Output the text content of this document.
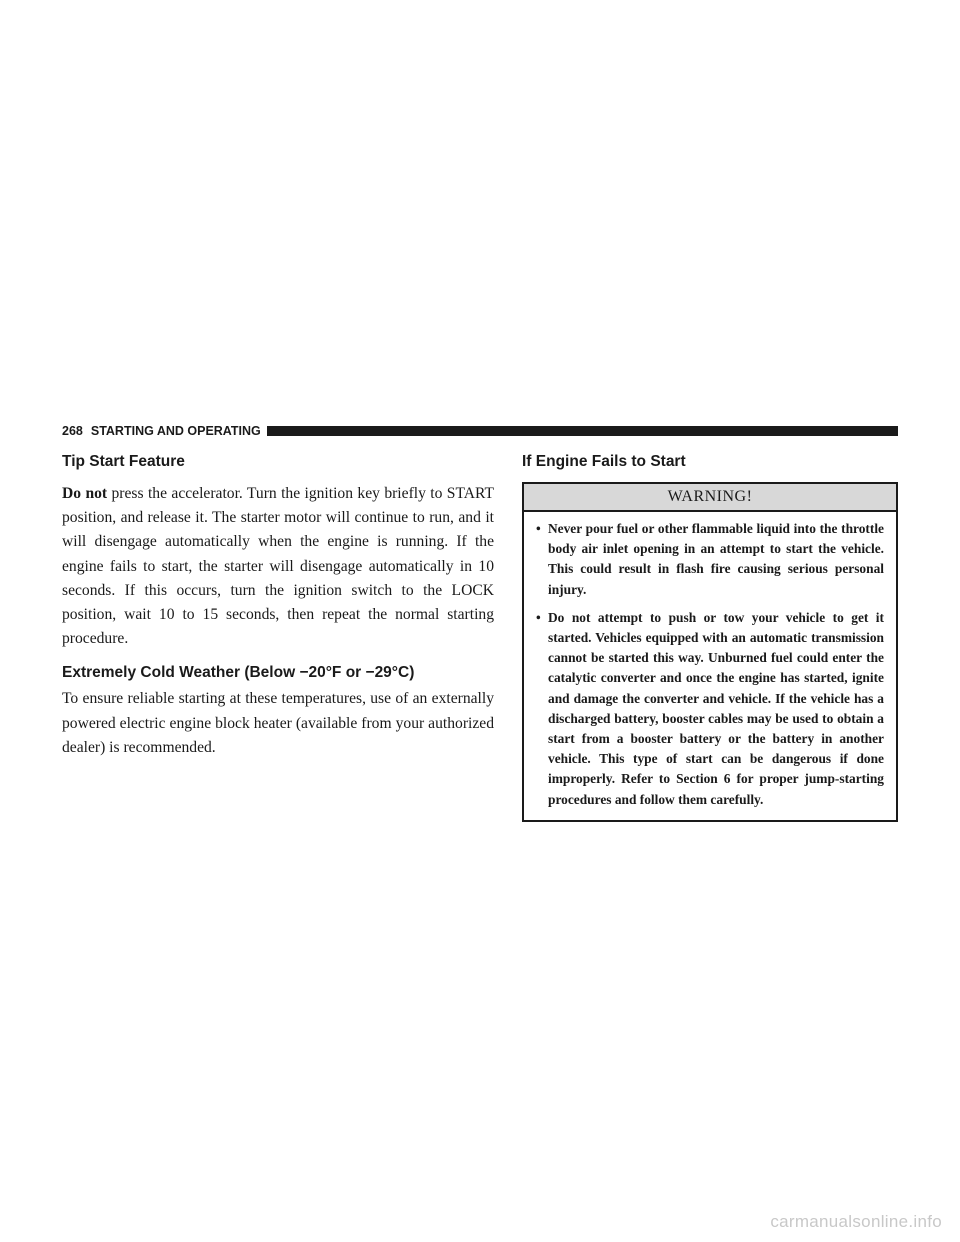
268 STARTING AND OPERATING
Tip Start Feature

Do not press the accelerator. Turn the ignition key briefly to START position, and release it. The starter motor will continue to run, and it will disengage automatically when the engine is running. If the engine fails to start, the starter will disengage automatically in 10 seconds. If this occurs, turn the ignition switch to the LOCK position, wait 10 to 15 seconds, then repeat the normal starting procedure.

Extremely Cold Weather (Below −20°F or −29°C)

To ensure reliable starting at these temperatures, use of an externally powered electric engine block heater (available from your authorized dealer) is recommended.

If Engine Fails to Start
WARNING!
• Never pour fuel or other flammable liquid into the throttle body air inlet opening in an attempt to start the vehicle. This could result in flash fire causing serious personal injury.
• Do not attempt to push or tow your vehicle to get it started. Vehicles equipped with an automatic transmission cannot be started this way. Unburned fuel could enter the catalytic converter and once the engine has started, ignite and damage the converter and vehicle. If the vehicle has a discharged battery, booster cables may be used to obtain a start from a booster battery or the battery in another vehicle. This type of start can be dangerous if done improperly. Refer to Section 6 for proper jump-starting procedures and follow them carefully.
carmanualsonline.info
